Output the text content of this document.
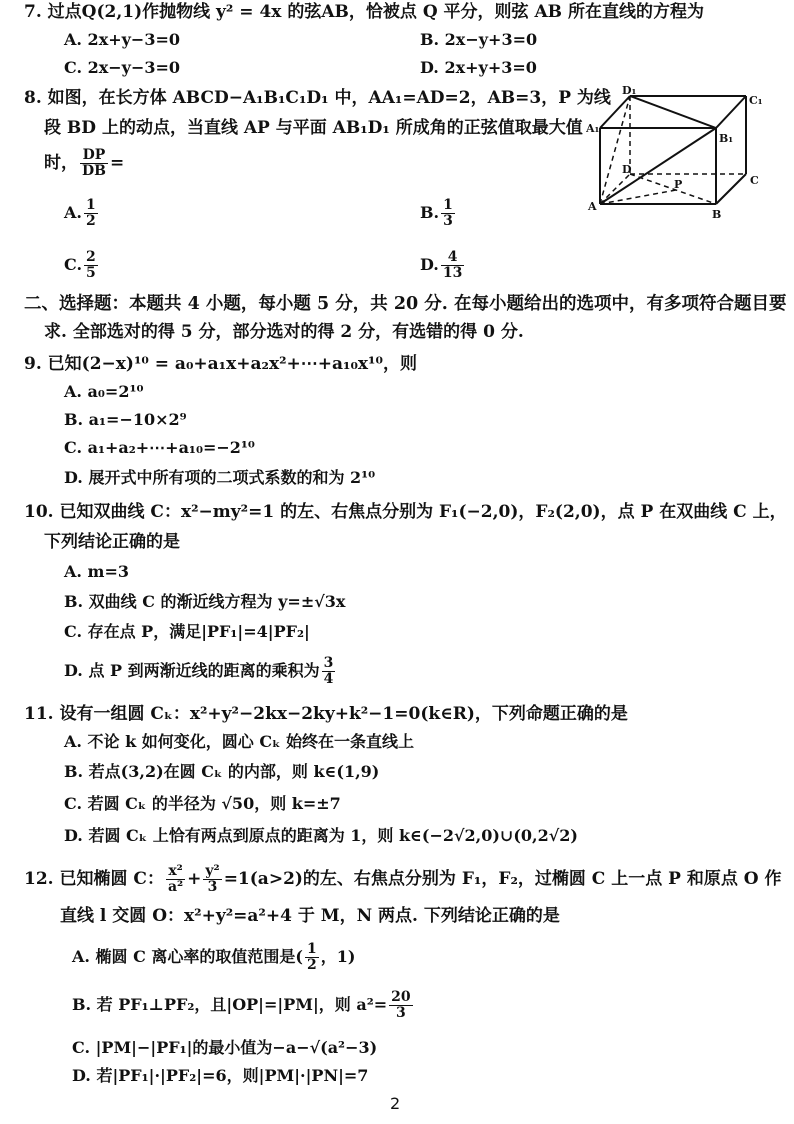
7. 过点Q(2,1)作抛物线 y² = 4x 的弦AB，恰被点 Q 平分，则弦 AB 所在直线的方程为
A. 2x+y−3=0	B. 2x−y+3=0
C. 2x−y−3=0	D. 2x+y+3=0
8. 如图，在长方体 ABCD−A₁B₁C₁D₁ 中，AA₁=AD=2，AB=3，P 为线
段 BD 上的动点，当直线 AP 与平面 AB₁D₁ 所成角的正弦值取最大值
时， $\frac{DP}{DB}$ =
A. $\frac{1}{2}$	B. $\frac{1}{3}$
C. $\frac{2}{5}$	D. $\frac{4}{13}$
D₁
C₁
A₁
B₁
D
C
P
A
B
二、选择题：本题共 4 小题，每小题 5 分，共 20 分. 在每小题给出的选项中，有多项符合题目要
求. 全部选对的得 5 分，部分选对的得 2 分，有选错的得 0 分.
9. 已知(2−x)¹⁰ = a₀+a₁x+a₂x²+⋯+a₁₀x¹⁰，则
A. a₀=2¹⁰
B. a₁=−10×2⁹
C. a₁+a₂+⋯+a₁₀=−2¹⁰
D. 展开式中所有项的二项式系数的和为 2¹⁰
10. 已知双曲线 C：x²−my²=1 的左、右焦点分别为 F₁(−2,0)，F₂(2,0)，点 P 在双曲线 C 上，
下列结论正确的是
A. m=3
B. 双曲线 C 的渐近线方程为 y=±√3x
C. 存在点 P，满足|PF₁|=4|PF₂|
D. 点 P 到两渐近线的距离的乘积为 $\frac{3}{4}$
11. 设有一组圆 Cₖ：x²+y²−2kx−2ky+k²−1=0(k∈R)，下列命题正确的是
A. 不论 k 如何变化，圆心 Cₖ 始终在一条直线上
B. 若点(3,2)在圆 Cₖ 的内部，则 k∈(1,9)
C. 若圆 Cₖ 的半径为 √50，则 k=±7
D. 若圆 Cₖ 上恰有两点到原点的距离为 1，则 k∈(−2√2,0)∪(0,2√2)
12. 已知椭圆 C： $\frac{\text{x²}}{\text{a²}} + \frac{\text{y²}}{3} =1(a>2)$的左、右焦点分别为 F₁，F₂，过椭圆 C 上一点 P 和原点 O 作
直线 l 交圆 O：x²+y²=a²+4 于 M，N 两点. 下列结论正确的是
A. 椭圆 C 离心率的取值范围是( $\frac{1}{2}$ ，1)
B. 若 PF₁⊥PF₂，且|OP|=|PM|，则 $a^2= \frac{20}{3}$
C. |PM|−|PF₁|的最小值为−a−√(a²−3)
D. 若|PF₁|·|PF₂|=6，则|PM|·|PN|=7
2
